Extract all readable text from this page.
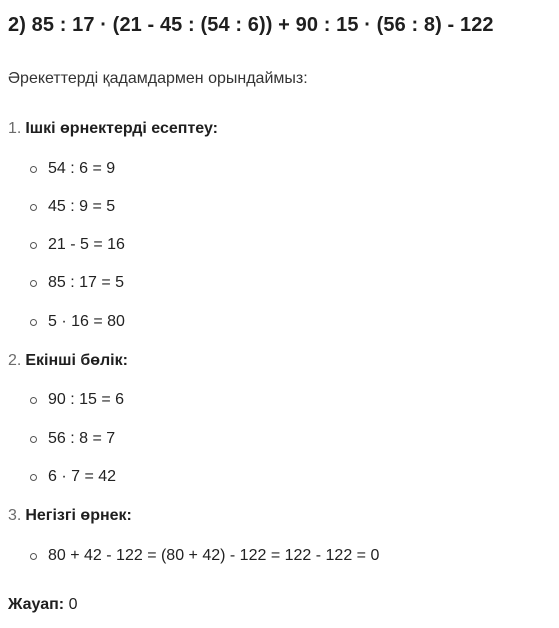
2) 85 : 17 · (21 - 45 : (54 : 6)) + 90 : 15 · (56 : 8) - 122

Әрекеттерді қадамдармен орындаймыз:

1. Ішкі өрнектерді есептеу:

54 : 6 = 9
45 : 9 = 5
21 - 5 = 16
85 : 17 = 5
5 · 16 = 80

2. Екінші бөлік:

90 : 15 = 6
56 : 8 = 7
6 · 7 = 42

3. Негізгі өрнек:

80 + 42 - 122 = (80 + 42) - 122 = 122 - 122 = 0

Жауап: 0
